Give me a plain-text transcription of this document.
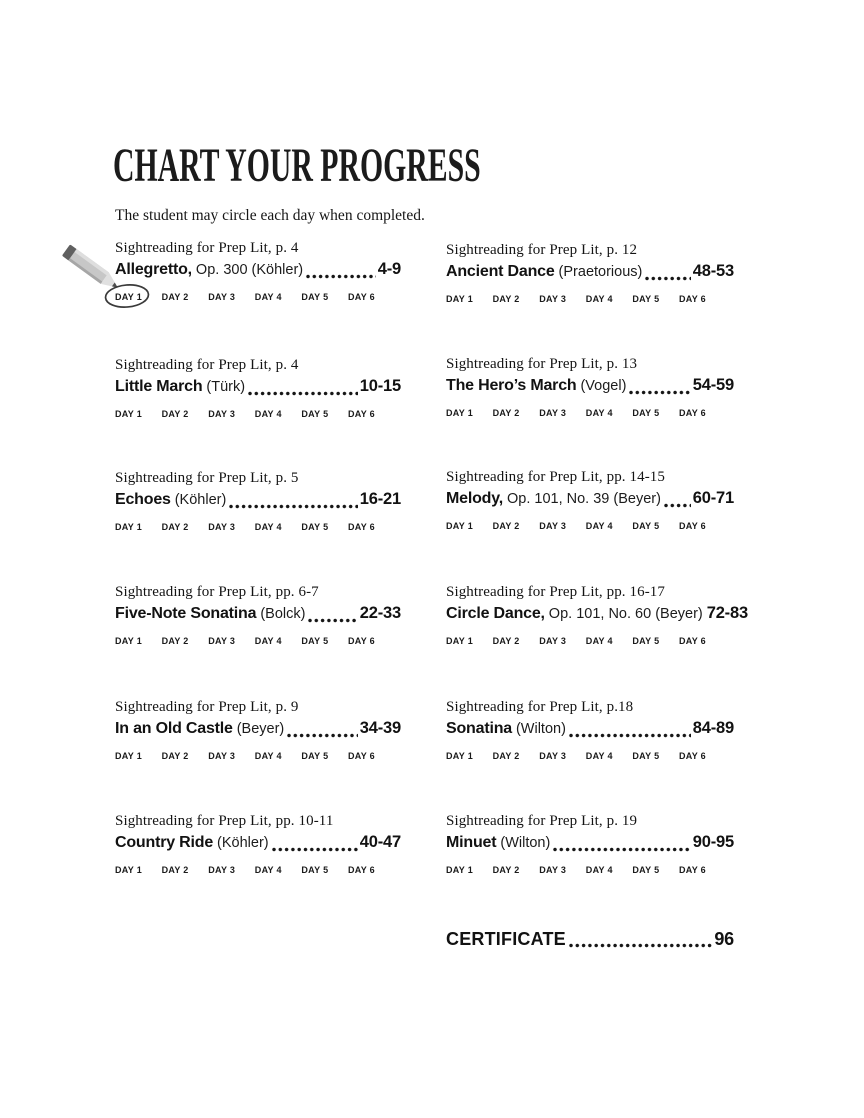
CHART YOUR PROGRESS
The student may circle each day when completed.
Sightreading for Prep Lit, p. 4
Allegretto, Op. 300 (Köhler)	4-9
DAY 1	DAY 2	DAY 3	DAY 4	DAY 5	DAY 6
Sightreading for Prep Lit, p. 4
Little March (Türk)	10-15
DAY 1	DAY 2	DAY 3	DAY 4	DAY 5	DAY 6
Sightreading for Prep Lit, p. 5
Echoes (Köhler)	16-21
DAY 1	DAY 2	DAY 3	DAY 4	DAY 5	DAY 6
Sightreading for Prep Lit, pp. 6-7
Five-Note Sonatina (Bolck)	22-33
DAY 1	DAY 2	DAY 3	DAY 4	DAY 5	DAY 6
Sightreading for Prep Lit, p. 9
In an Old Castle (Beyer)	34-39
DAY 1	DAY 2	DAY 3	DAY 4	DAY 5	DAY 6
Sightreading for Prep Lit, pp. 10-11
Country Ride (Köhler)	40-47
DAY 1	DAY 2	DAY 3	DAY 4	DAY 5	DAY 6
Sightreading for Prep Lit, p. 12
Ancient Dance (Praetorious)	48-53
DAY 1	DAY 2	DAY 3	DAY 4	DAY 5	DAY 6
Sightreading for Prep Lit, p. 13
The Hero’s March (Vogel)	54-59
DAY 1	DAY 2	DAY 3	DAY 4	DAY 5	DAY 6
Sightreading for Prep Lit, pp. 14-15
Melody, Op. 101, No. 39 (Beyer) 60-71
DAY 1	DAY 2	DAY 3	DAY 4	DAY 5	DAY 6
Sightreading for Prep Lit, pp. 16-17
Circle Dance, Op. 101, No. 60 (Beyer) 72-83
DAY 1	DAY 2	DAY 3	DAY 4	DAY 5	DAY 6
Sightreading for Prep Lit, p.18
Sonatina (Wilton)	84-89
DAY 1	DAY 2	DAY 3	DAY 4	DAY 5	DAY 6
Sightreading for Prep Lit, p. 19
Minuet (Wilton)	90-95
DAY 1	DAY 2	DAY 3	DAY 4	DAY 5	DAY 6
CERTIFICATE	96
